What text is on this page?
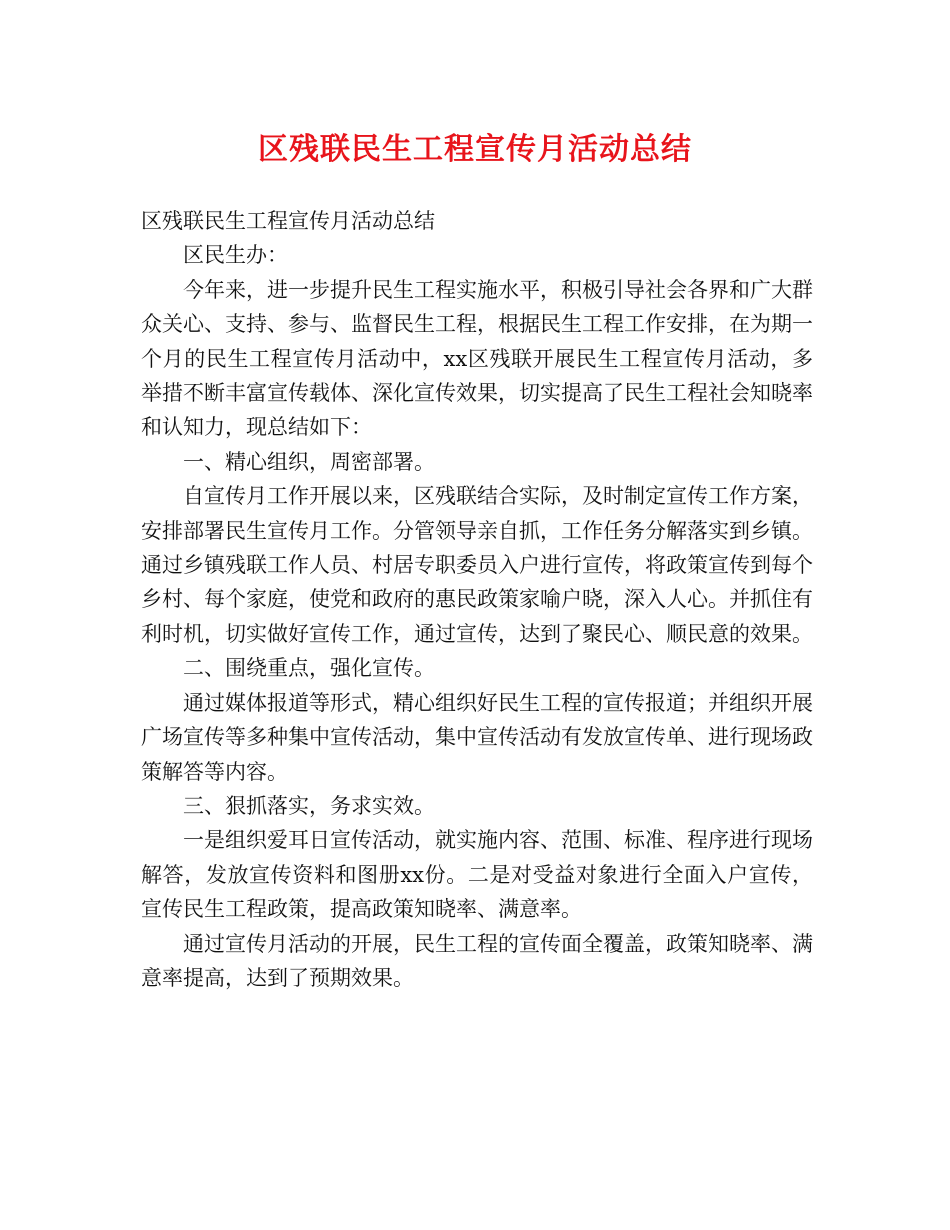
区残联民生工程宣传月活动总结

区残联民生工程宣传月活动总结

区民生办：

今年来，进一步提升民生工程实施水平，积极引导社会各界和广大群众关心、支持、参与、监督民生工程，根据民生工程工作安排，在为期一个月的民生工程宣传月活动中，xx区残联开展民生工程宣传月活动，多举措不断丰富宣传载体、深化宣传效果，切实提高了民生工程社会知晓率和认知力，现总结如下：

一、精心组织，周密部署。

自宣传月工作开展以来，区残联结合实际，及时制定宣传工作方案，安排部署民生宣传月工作。分管领导亲自抓，工作任务分解落实到乡镇。通过乡镇残联工作人员、村居专职委员入户进行宣传，将政策宣传到每个乡村、每个家庭，使党和政府的惠民政策家喻户晓，深入人心。并抓住有利时机，切实做好宣传工作，通过宣传，达到了聚民心、顺民意的效果。

二、围绕重点，强化宣传。

通过媒体报道等形式，精心组织好民生工程的宣传报道；并组织开展广场宣传等多种集中宣传活动，集中宣传活动有发放宣传单、进行现场政策解答等内容。

三、狠抓落实，务求实效。

一是组织爱耳日宣传活动，就实施内容、范围、标准、程序进行现场解答，发放宣传资料和图册xx份。二是对受益对象进行全面入户宣传，宣传民生工程政策，提高政策知晓率、满意率。

通过宣传月活动的开展，民生工程的宣传面全覆盖，政策知晓率、满意率提高，达到了预期效果。
